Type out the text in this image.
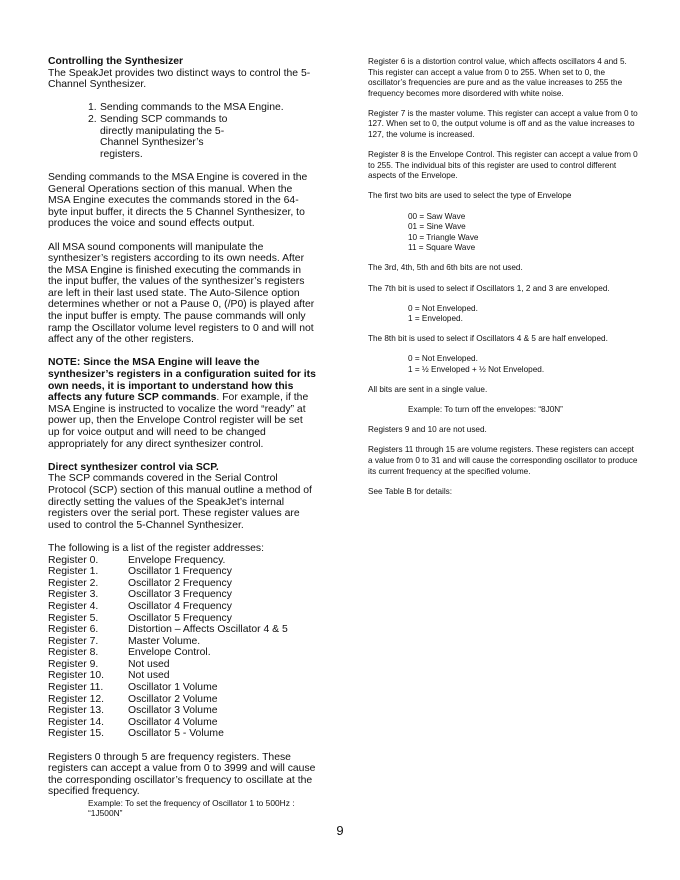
Controlling the Synthesizer

The SpeakJet provides two distinct ways to control the 5-Channel Synthesizer.

1. Sending commands to the MSA Engine.
2. Sending SCP commands to directly manipulating the 5-Channel Synthesizer’s registers.

Sending commands to the MSA Engine is covered in the General Operations section of this manual. When the MSA Engine executes the commands stored in the 64-byte input buffer, it directs the 5 Channel Synthesizer, to produces the voice and sound effects output.

All MSA sound components will manipulate the synthesizer’s registers according to its own needs. After the MSA Engine is finished executing the commands in the input buffer, the values of the synthesizer’s registers are left in their last used state. The Auto-Silence option determines whether or not a Pause 0, (/P0) is played after the input buffer is empty. The pause commands will only ramp the Oscillator volume level registers to 0 and will not affect any of the other registers.

NOTE: Since the MSA Engine will leave the synthesizer’s registers in a configuration suited for its own needs, it is important to understand how this affects any future SCP commands. For example, if the MSA Engine is instructed to vocalize the word “ready” at power up, then the Envelope Control register will be set up for voice output and will need to be changed appropriately for any direct synthesizer control.

Direct synthesizer control via SCP.

The SCP commands covered in the Serial Control Protocol (SCP) section of this manual outline a method of directly setting the values of the SpeakJet’s internal registers over the serial port. These register values are used to control the 5-Channel Synthesizer.

The following is a list of the register addresses:

Register 0.	Envelope Frequency.
Register 1.	Oscillator 1 Frequency
Register 2.	Oscillator 2 Frequency
Register 3.	Oscillator 3 Frequency
Register 4.	Oscillator 4 Frequency
Register 5.	Oscillator 5 Frequency
Register 6.	Distortion – Affects Oscillator 4 & 5
Register 7.	Master Volume.
Register 8.	Envelope Control.
Register 9.	Not used
Register 10.	Not used
Register 11.	Oscillator 1 Volume
Register 12.	Oscillator 2 Volume
Register 13.	Oscillator 3 Volume
Register 14.	Oscillator 4 Volume
Register 15.	Oscillator 5 - Volume

Registers 0 through 5 are frequency registers. These registers can accept a value from 0 to 3999 and will cause the corresponding oscillator’s frequency to oscillate at the specified frequency.

Example: To set the frequency of Oscillator 1 to 500Hz : “1J500N”

Register 6 is a distortion control value, which affects oscillators 4 and 5. This register can accept a value from 0 to 255. When set to 0, the oscillator’s frequencies are pure and as the value increases to 255 the frequency becomes more disordered with white noise.

Register 7 is the master volume. This register can accept a value from 0 to 127. When set to 0, the output volume is off and as the value increases to 127, the volume is increased.

Register 8 is the Envelope Control. This register can accept a value from 0 to 255. The individual bits of this register are used to control different aspects of the Envelope.

The first two bits are used to select the type of Envelope

00 = Saw Wave

01 = Sine Wave

10 = Triangle Wave

11 = Square Wave

The 3rd, 4th, 5th and 6th bits are not used.

The 7th bit is used to select if Oscillators 1, 2 and 3 are enveloped.

0 = Not Enveloped.

1 = Enveloped.

The 8th bit is used to select if Oscillators 4 & 5 are half enveloped.

0 = Not Enveloped.

1 = ½ Enveloped + ½ Not Enveloped.

All bits are sent in a single value.

Example: To turn off the envelopes: “8J0N”

Registers 9 and 10 are not used.

Registers 11 through 15 are volume registers. These registers can accept a value from 0 to 31 and will cause the corresponding oscillator to produce its current frequency at the specified volume.

See Table B for details:

9
